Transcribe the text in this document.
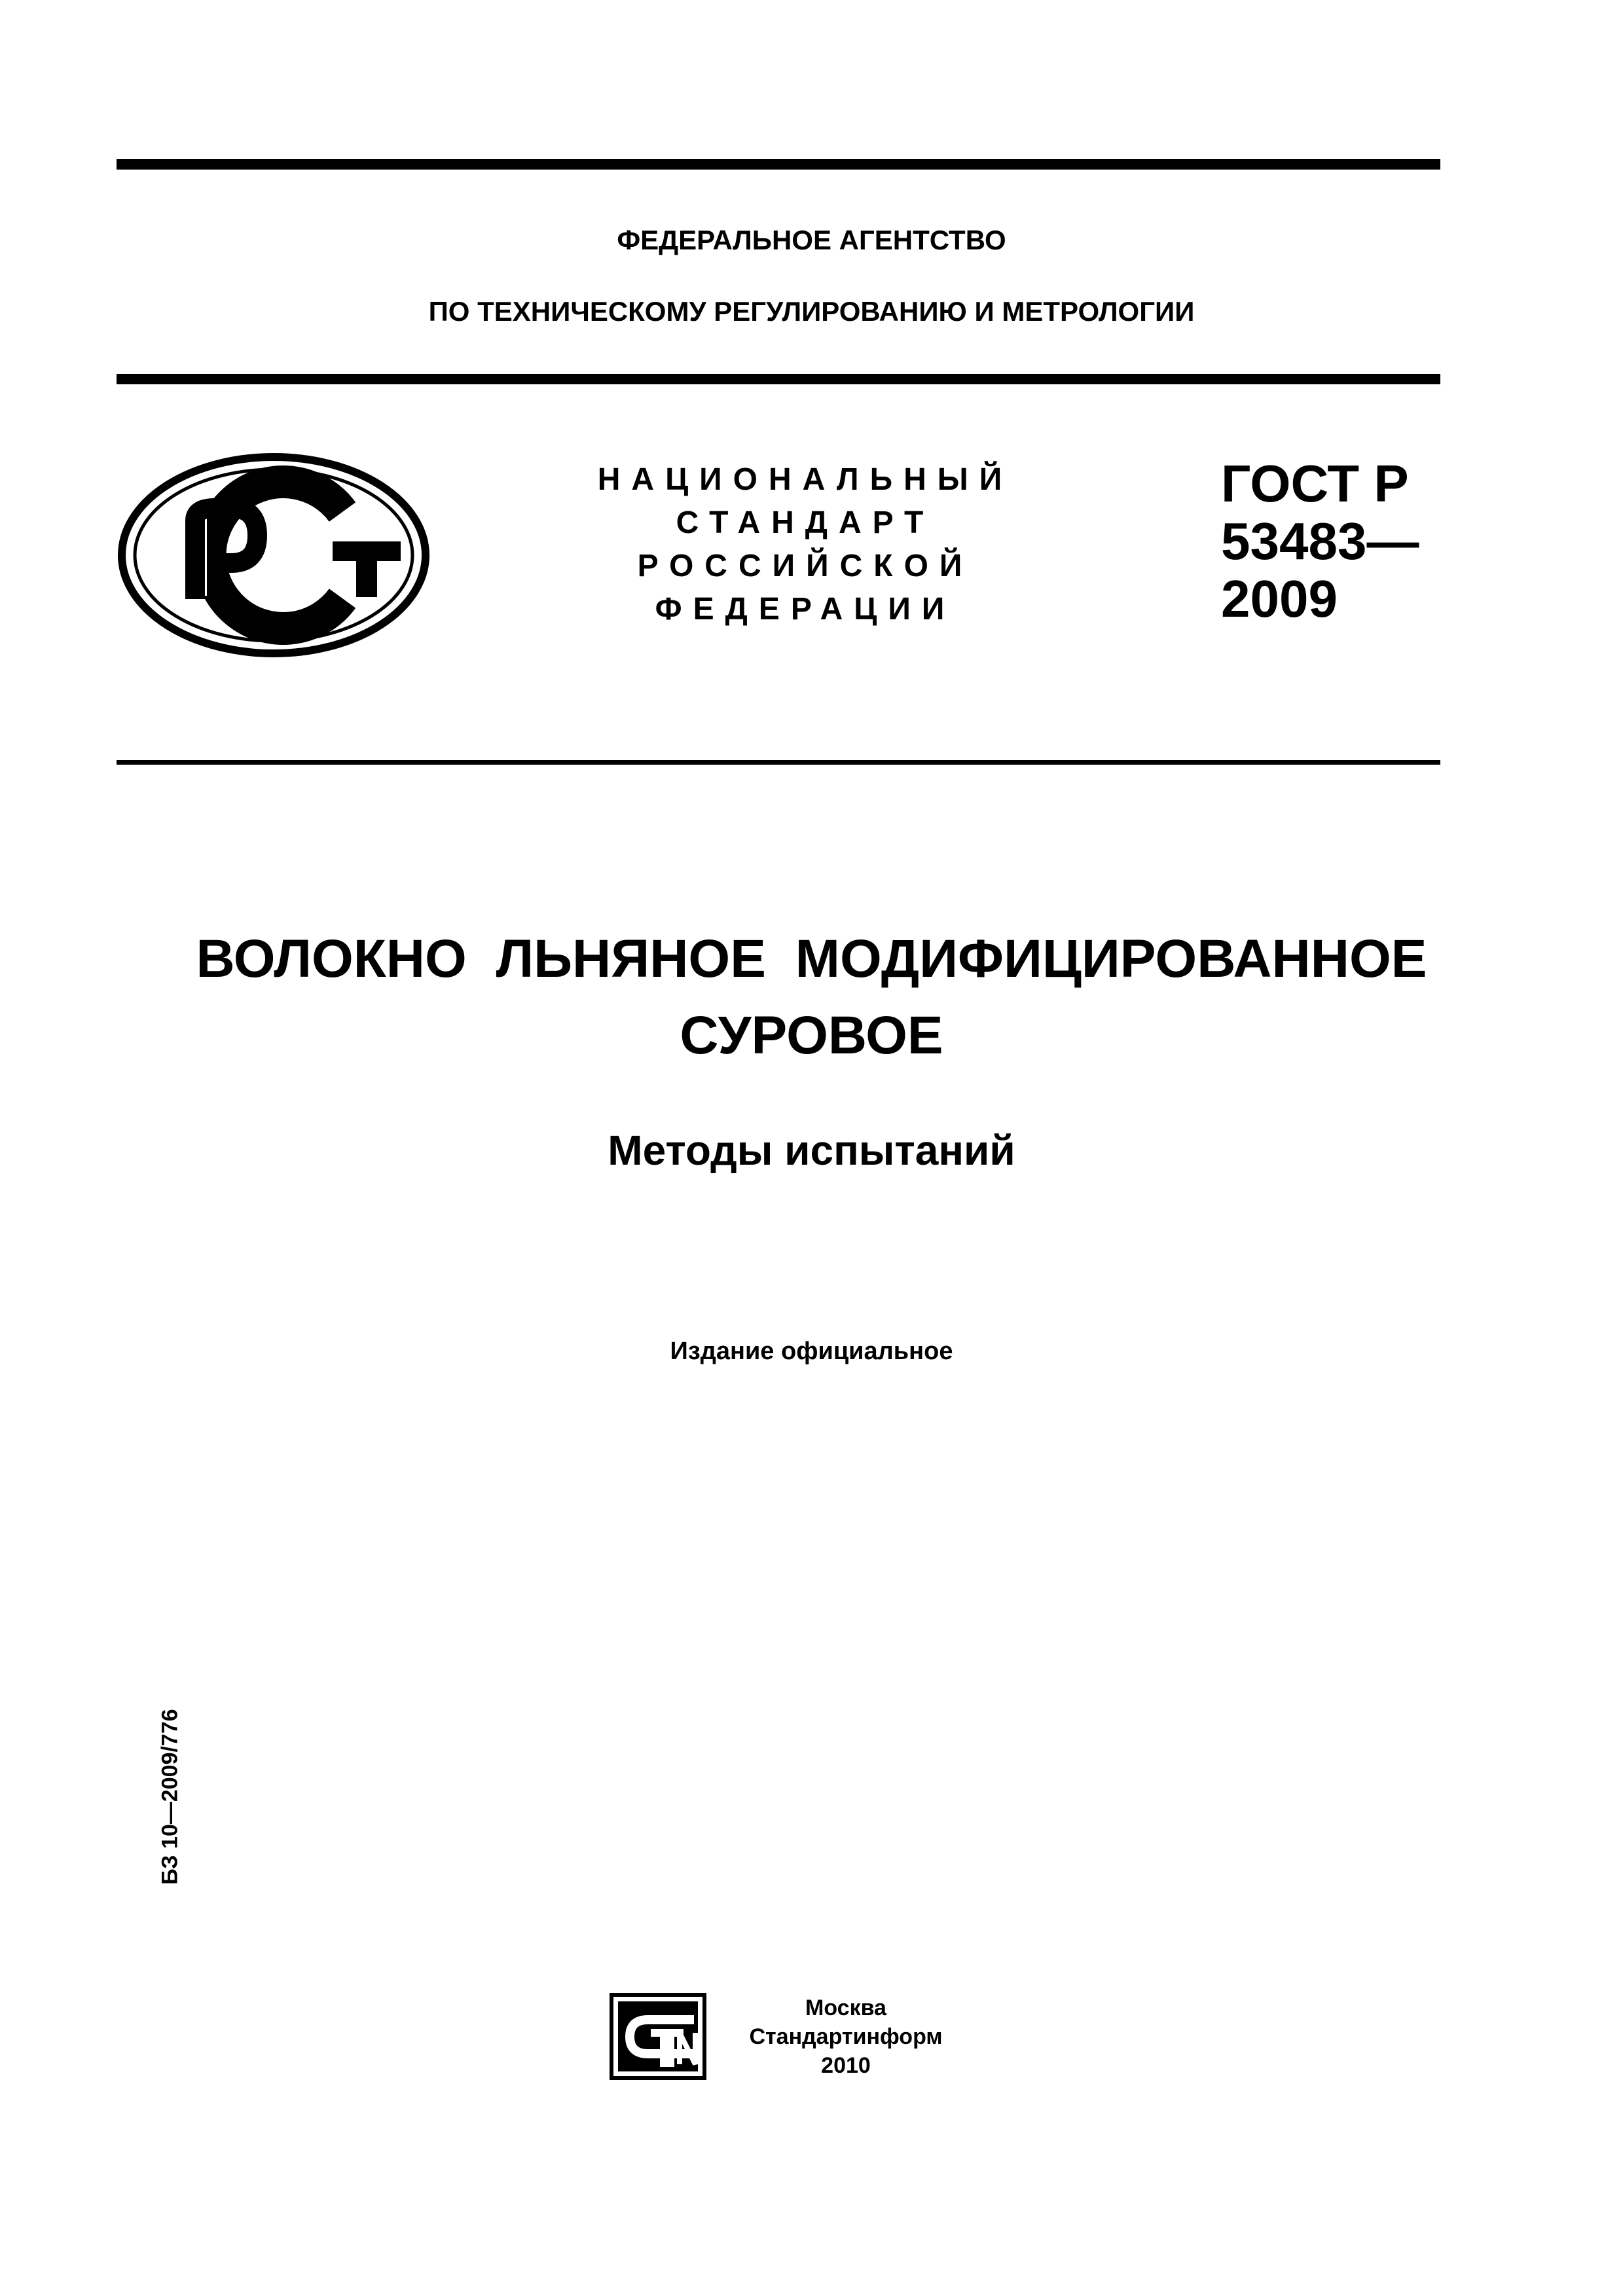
ФЕДЕРАЛЬНОЕ АГЕНТСТВО
ПО ТЕХНИЧЕСКОМУ РЕГУЛИРОВАНИЮ И МЕТРОЛОГИИ
НАЦИОНАЛЬНЫЙ
СТАНДАРТ
РОССИЙСКОЙ
ФЕДЕРАЦИИ
ГОСТ Р
53483—
2009
ВОЛОКНО ЛЬНЯНОЕ МОДИФИЦИРОВАННОЕ
СУРОВОЕ
Методы испытаний
Издание официальное
БЗ 10—2009/776
Москва
Стандартинформ
2010
